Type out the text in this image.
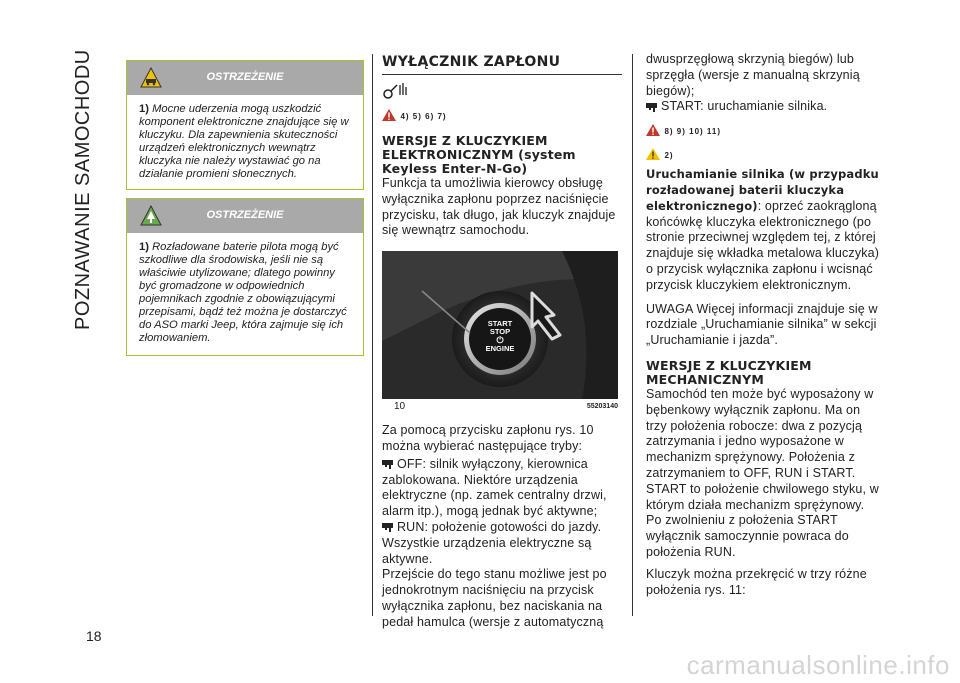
POZNAWANIE SAMOCHODU
18
OSTRZEŻENIE
1) Mocne uderzenia mogą uszkodzić komponent elektroniczne znajdujące się w kluczyku. Dla zapewnienia skuteczności urządzeń elektronicznych wewnątrz kluczyka nie należy wystawiać go na działanie promieni słonecznych.
OSTRZEŻENIE
1) Rozładowane baterie pilota mogą być szkodliwe dla środowiska, jeśli nie są właściwie utylizowane; dlatego powinny być gromadzone w odpowiednich pojemnikach zgodnie z obowiązującymi przepisami, bądź też można je dostarczyć do ASO marki Jeep, która zajmuje się ich złomowaniem.
WYŁĄCZNIK ZAPŁONU
4) 5) 6) 7)
WERSJE Z KLUCZYKIEM ELEKTRONICZNYM (system Keyless Enter-N-Go)

Funkcja ta umożliwia kierowcy obsługę wyłącznika zapłonu poprzez naciśnięcie przycisku, tak długo, jak kluczyk znajduje się wewnątrz samochodu.

START
STOP
⏻
ENGINE
10	55203140

Za pomocą przycisku zapłonu rys. 10 można wybierać następujące tryby:

OFF: silnik wyłączony, kierownica zablokowana. Niektóre urządzenia elektryczne (np. zamek centralny drzwi, alarm itp.), mogą jednak być aktywne;

RUN: położenie gotowości do jazdy. Wszystkie urządzenia elektryczne są aktywne.

Przejście do tego stanu możliwe jest po jednokrotnym naciśnięciu na przycisk wyłącznika zapłonu, bez naciskania na pedał hamulca (wersje z automatyczną

dwusprzęgłową skrzynią biegów) lub sprzęgła (wersje z manualną skrzynią biegów);

START: uruchamianie silnika.

8) 9) 10) 11)
2)

Uruchamianie silnika (w przypadku rozładowanej baterii kluczyka elektronicznego): oprzeć zaokrągloną końcówkę kluczyka elektronicznego (po stronie przeciwnej względem tej, z której znajduje się wkładka metalowa kluczyka) o przycisk wyłącznika zapłonu i wcisnąć przycisk kluczykiem elektronicznym.

UWAGA Więcej informacji znajduje się w rozdziale „Uruchamianie silnika” w sekcji „Uruchamianie i jazda”.

WERSJE Z KLUCZYKIEM MECHANICZNYM

Samochód ten może być wyposażony w bębenkowy wyłącznik zapłonu. Ma on trzy położenia robocze: dwa z pozycją zatrzymania i jedno wyposażone w mechanizm sprężynowy. Położenia z zatrzymaniem to OFF, RUN i START. START to położenie chwilowego styku, w którym działa mechanizm sprężynowy. Po zwolnieniu z położenia START wyłącznik samoczynnie powraca do położenia RUN.

Kluczyk można przekręcić w trzy różne położenia rys. 11:

carmanualsonline.info
